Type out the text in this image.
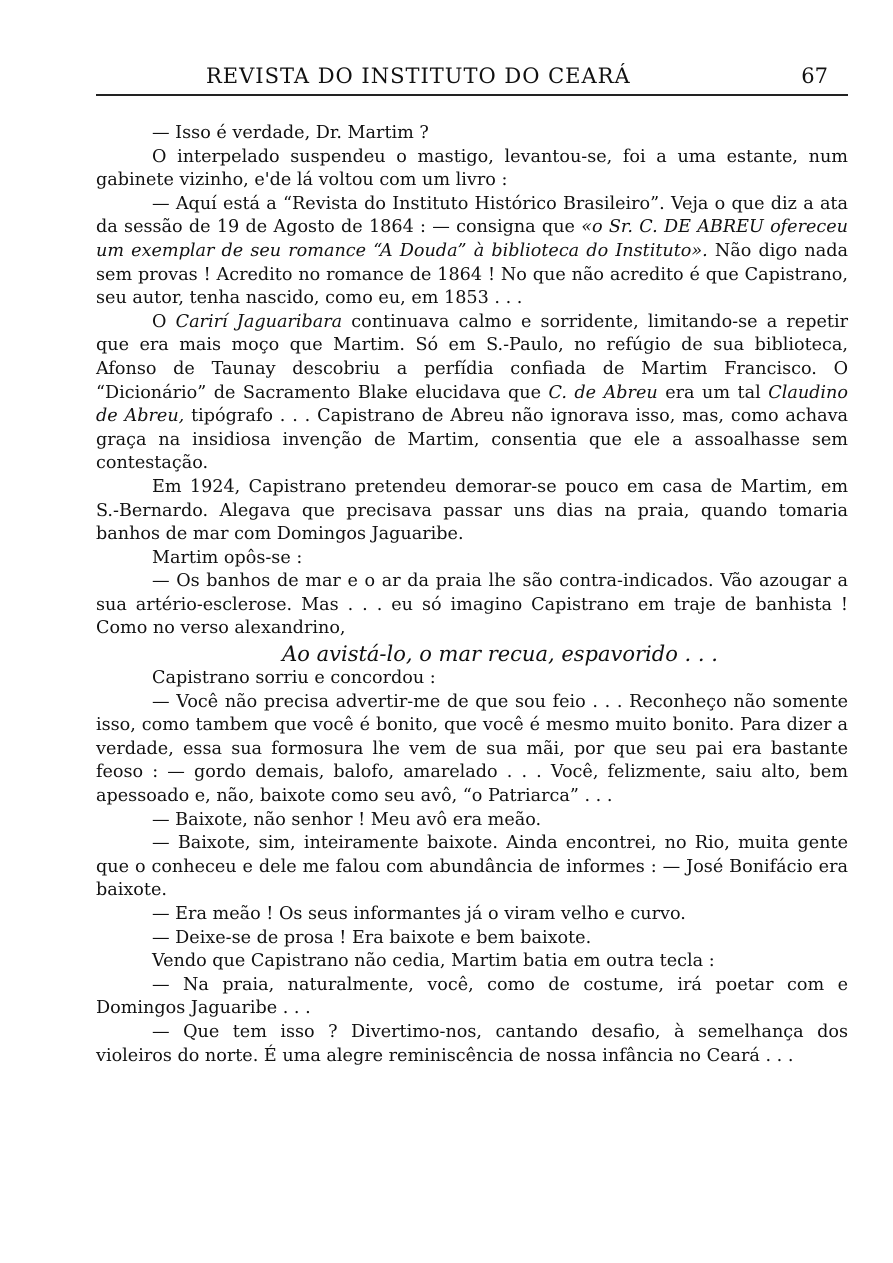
REVISTA DO INSTITUTO DO CEARÁ	67

— Isso é verdade, Dr. Martim ?

O interpelado suspendeu o mastigo, levantou-se, foi a uma estante, num gabinete vizinho, e'de lá voltou com um livro :

— Aquí está a “Revista do Instituto Histórico Brasileiro”. Veja o que diz a ata da sessão de 19 de Agosto de 1864 : — consigna que «o Sr. C. DE ABREU ofereceu um exemplar de seu romance “A Douda” à biblioteca do Instituto». Não digo nada sem provas ! Acredito no romance de 1864 ! No que não acredito é que Capistrano, seu autor, tenha nascido, como eu, em 1853 . . .

O Carirí Jaguaribara continuava calmo e sorridente, limitando-se a repetir que era mais moço que Martim. Só em S.-Paulo, no refúgio de sua biblioteca, Afonso de Taunay descobriu a perfídia confiada de Martim Francisco. O “Dicionário” de Sacramento Blake elucidava que C. de Abreu era um tal Claudino de Abreu, tipógrafo . . . Capistrano de Abreu não ignorava isso, mas, como achava graça na insidiosa invenção de Martim, consentia que ele a assoalhasse sem contestação.

Em 1924, Capistrano pretendeu demorar-se pouco em casa de Martim, em S.-Bernardo. Alegava que precisava passar uns dias na praia, quando tomaria banhos de mar com Domingos Jaguaribe.

Martim opôs-se :

— Os banhos de mar e o ar da praia lhe são contra-indicados. Vão azougar a sua artério-esclerose. Mas . . . eu só imagino Capistrano em traje de banhista ! Como no verso alexandrino,

Ao avistá-lo, o mar recua, espavorido . . .

Capistrano sorriu e concordou :

— Você não precisa advertir-me de que sou feio . . . Reconheço não somente isso, como tambem que você é bonito, que você é mesmo muito bonito. Para dizer a verdade, essa sua formosura lhe vem de sua mãi, por que seu pai era bastante feoso : — gordo demais, balofo, amarelado . . . Você, felizmente, saiu alto, bem apessoado e, não, baixote como seu avô, “o Patriarca” . . .

— Baixote, não senhor ! Meu avô era meão.

— Baixote, sim, inteiramente baixote. Ainda encontrei, no Rio, muita gente que o conheceu e dele me falou com abundância de informes : — José Bonifácio era baixote.

— Era meão ! Os seus informantes já o viram velho e curvo.

— Deixe-se de prosa ! Era baixote e bem baixote.

Vendo que Capistrano não cedia, Martim batia em outra tecla :

— Na praia, naturalmente, você, como de costume, irá poetar com e Domingos Jaguaribe . . .

— Que tem isso ? Divertimo-nos, cantando desafio, à semelhança dos violeiros do norte. É uma alegre reminiscência de nossa infância no Ceará . . .
